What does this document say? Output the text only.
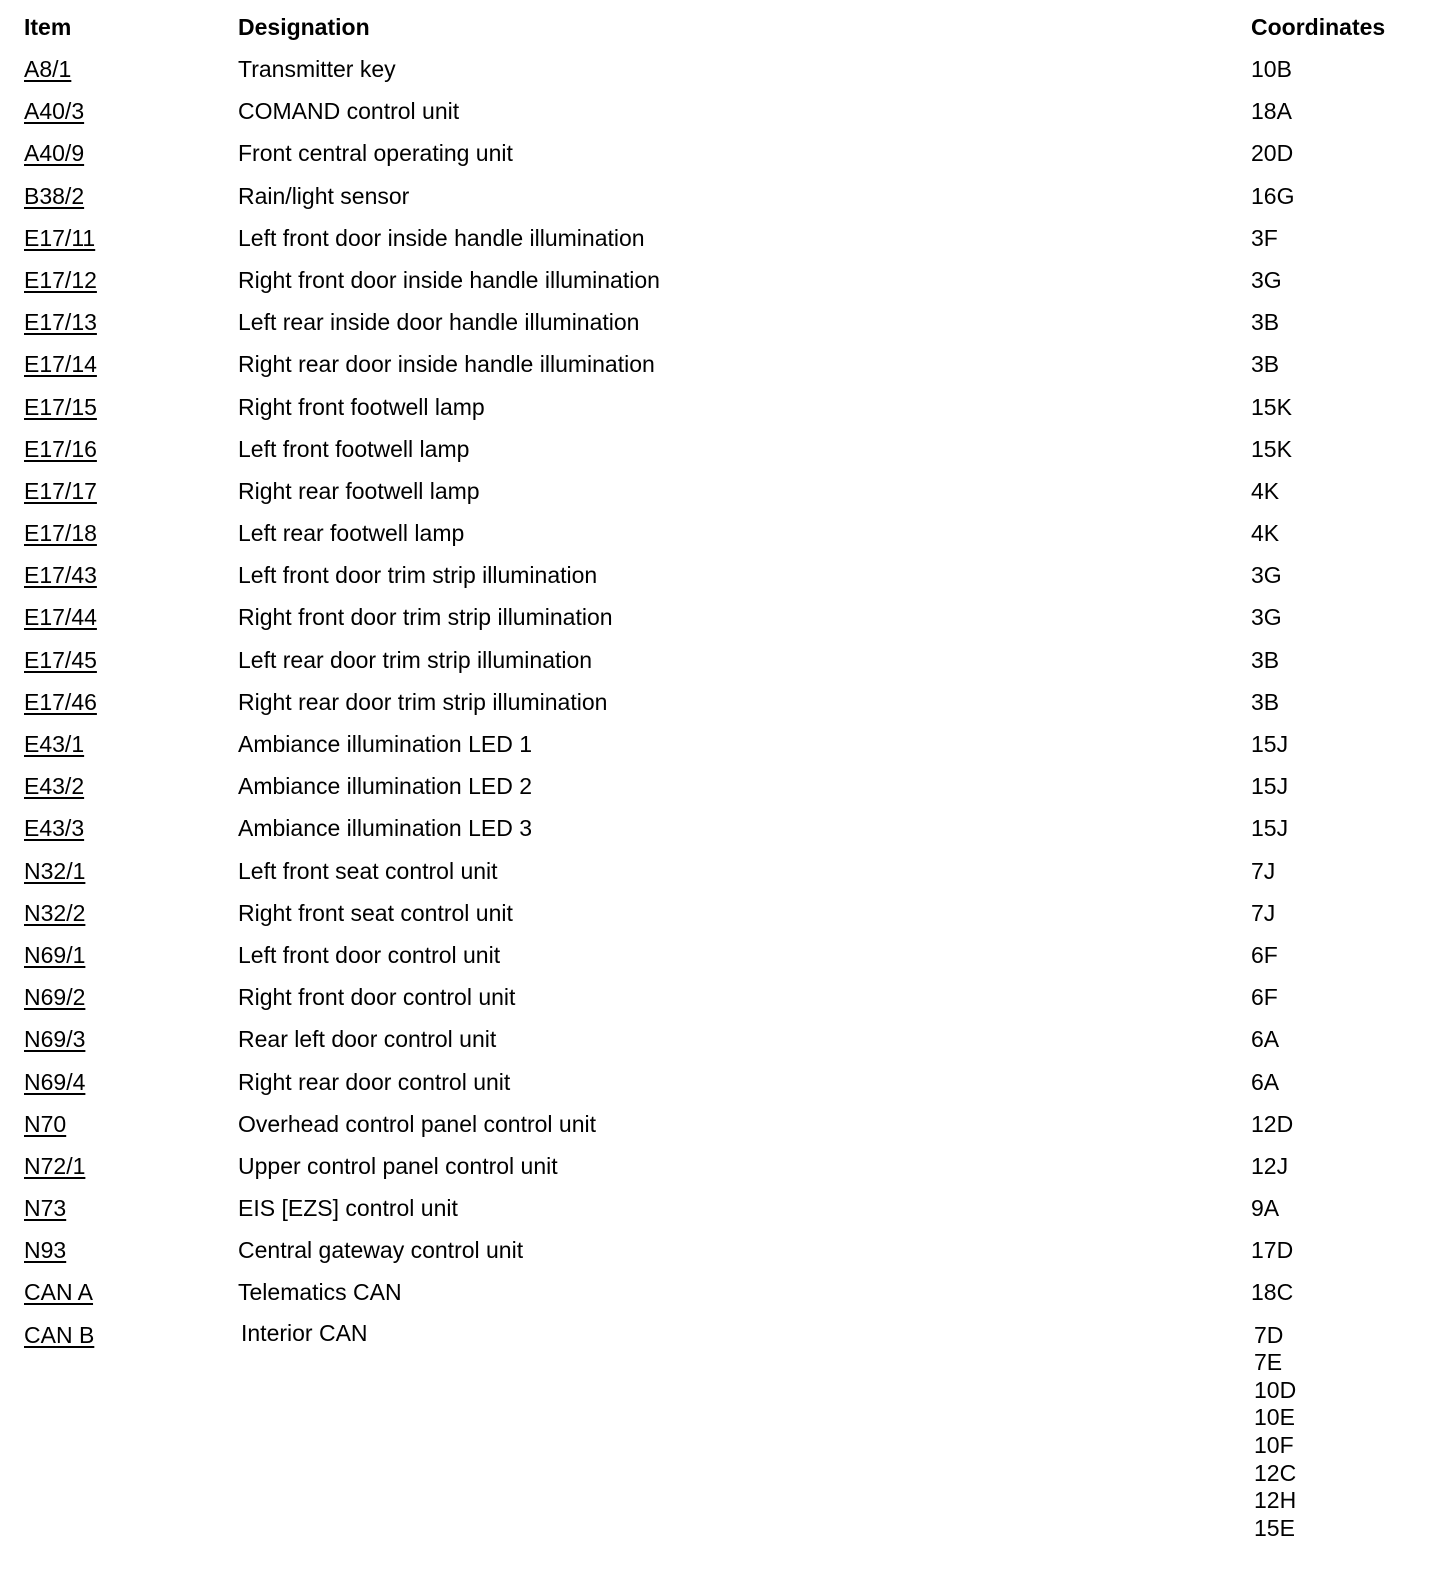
Item	Designation	Coordinates
A8/1	Transmitter key	10B
A40/3	COMAND control unit	18A
A40/9	Front central operating unit	20D
B38/2	Rain/light sensor	16G
E17/11	Left front door inside handle illumination	3F
E17/12	Right front door inside handle illumination	3G
E17/13	Left rear inside door handle illumination	3B
E17/14	Right rear door inside handle illumination	3B
E17/15	Right front footwell lamp	15K
E17/16	Left front footwell lamp	15K
E17/17	Right rear footwell lamp	4K
E17/18	Left rear footwell lamp	4K
E17/43	Left front door trim strip illumination	3G
E17/44	Right front door trim strip illumination	3G
E17/45	Left rear door trim strip illumination	3B
E17/46	Right rear door trim strip illumination	3B
E43/1	Ambiance illumination LED 1	15J
E43/2	Ambiance illumination LED 2	15J
E43/3	Ambiance illumination LED 3	15J
N32/1	Left front seat control unit	7J
N32/2	Right front seat control unit	7J
N69/1	Left front door control unit	6F
N69/2	Right front door control unit	6F
N69/3	Rear left door control unit	6A
N69/4	Right rear door control unit	6A
N70	Overhead control panel control unit	12D
N72/1	Upper control panel control unit	12J
N73	EIS [EZS] control unit	9A
N93	Central gateway control unit	17D
CAN A	Telematics CAN	18C
CAN B	Interior CAN	7D
7E
10D
10E
10F
12C
12H
15E
